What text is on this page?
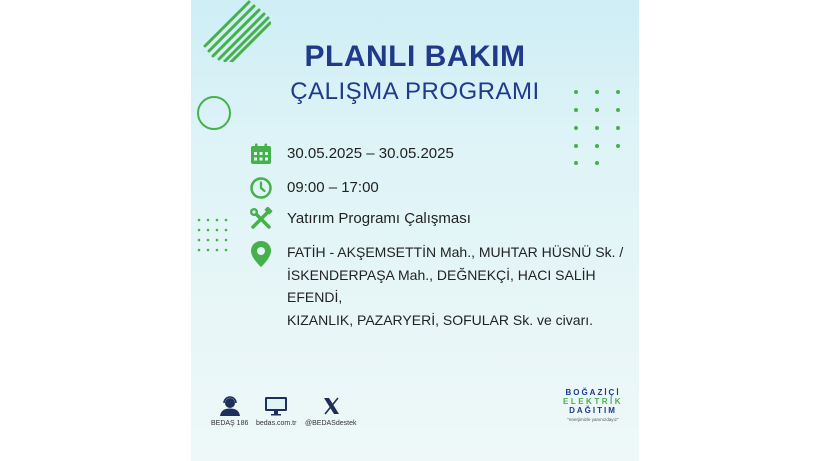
PLANLI BAKIM
ÇALIŞMA PROGRAMI
30.05.2025 – 30.05.2025
09:00 – 17:00
Yatırım Programı Çalışması
FATİH - AKŞEMSETTİN Mah., MUHTAR HÜSNÜ Sk. /
İSKENDERPAŞA Mah., DEĞNEKÇİ, HACI SALİH EFENDİ,
KIZANLIK, PAZARYERİ, SOFULAR Sk. ve civarı.
BEDAŞ 186 bedas.com.tr @BEDASdestek
BOĞAZİÇİ
ELEKTRİK
DAĞITIM
"enerjimizle yanınızdayız"
